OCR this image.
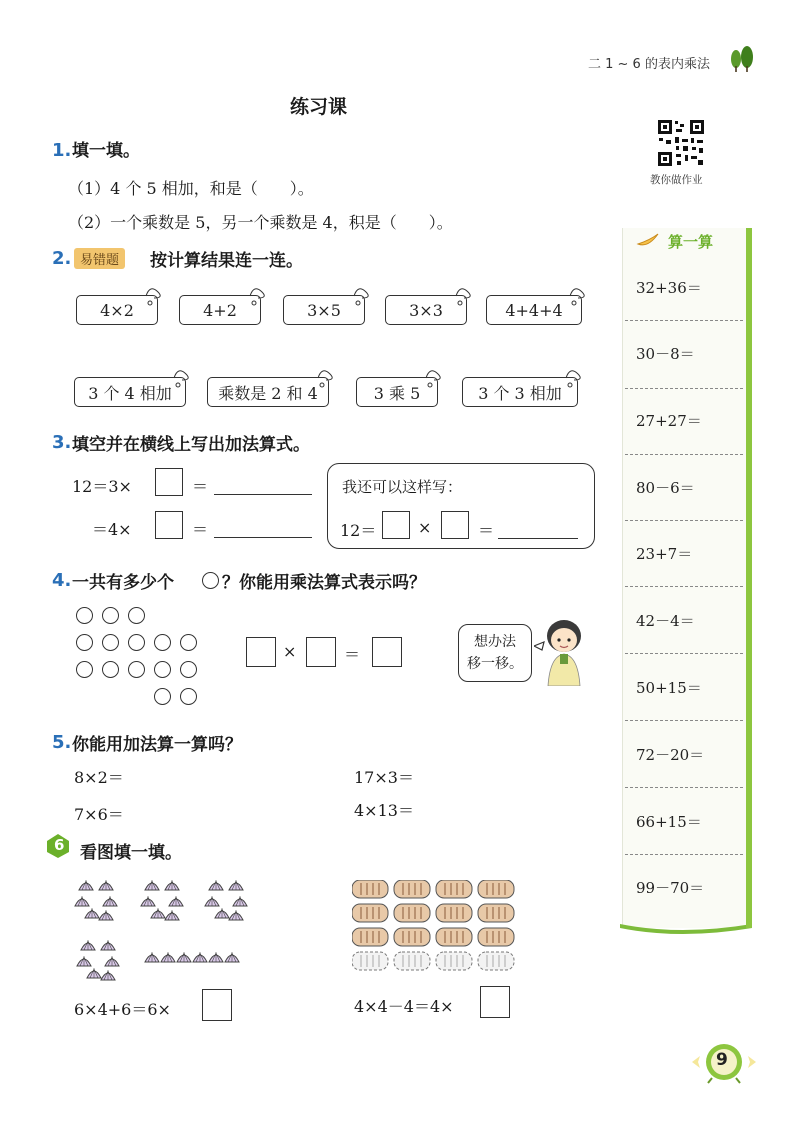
二 1 ~ 6 的表内乘法
练习课
教你做作业
1. 填一填。
（1）4 个 5 相加，和是（　　）。
（2）一个乘数是 5，另一个乘数是 4，积是（　　）。
2. 易错题	按计算结果连一连。
4×2	4+2	3×5	3×3	4+4+4
3 个 4 相加	乘数是 2 和 4	3 乘 5	3 个 3 相加
3. 填空并在横线上写出加法算式。
12＝3×	＝
＝4×	＝
我还可以这样写：
12＝	×	＝
4. 一共有多少个	？你能用乘法算式表示吗？
×	＝
想办法
移一移。
5. 你能用加法算一算吗？
8×2＝	17×3＝
7×6＝	4×13＝
6 看图填一填。
6×4+6＝6×	4×4－4＝4×
算一算
32+36＝
30－8＝
27+27＝
80－6＝
23+7＝
42－4＝
50+15＝
72－20＝
66+15＝
99－70＝
9
